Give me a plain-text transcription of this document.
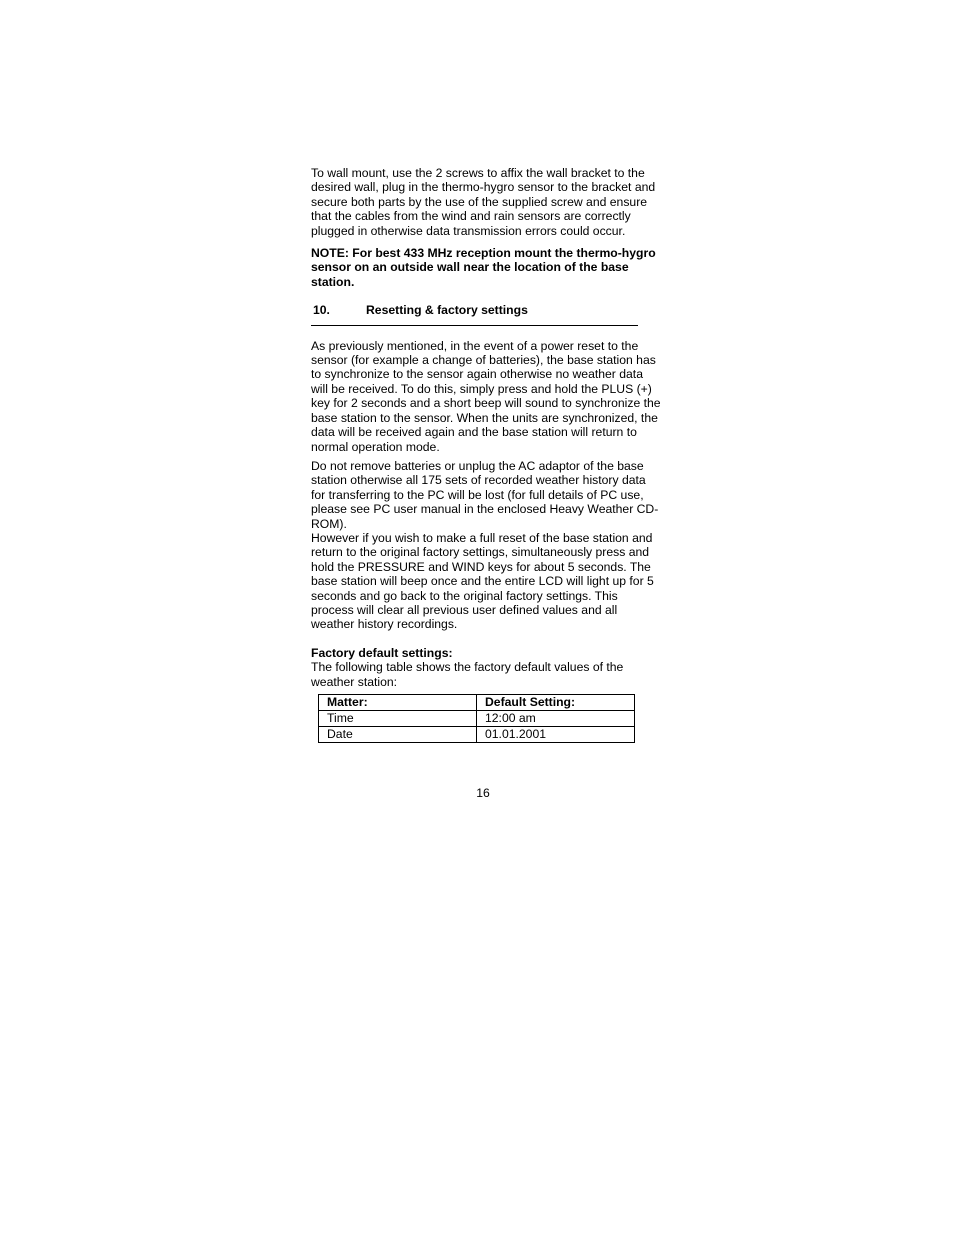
To wall mount, use the 2 screws to affix the wall bracket to the desired wall, plug in the thermo-hygro sensor to the bracket and secure both parts by the use of the supplied screw and ensure that the cables from the wind and rain sensors are correctly plugged in otherwise data transmission errors could occur.

NOTE: For best 433 MHz reception mount the thermo-hygro sensor on an outside wall near the location of the base station.

10.	Resetting & factory settings

As previously mentioned, in the event of a power reset to the sensor (for example a change of batteries), the base station has to synchronize to the sensor again otherwise no weather data will be received. To do this, simply press and hold the PLUS (+) key for 2 seconds and a short beep will sound to synchronize the base station to the sensor. When the units are synchronized, the data will be received again and the base station will return to normal operation mode.

Do not remove batteries or unplug the AC adaptor of the base station otherwise all 175 sets of recorded weather history data for transferring to the PC will be lost (for full details of PC use, please see PC user manual in the enclosed Heavy Weather CD-ROM).

However if you wish to make a full reset of the base station and return to the original factory settings, simultaneously press and hold the PRESSURE and WIND keys for about 5 seconds. The base station will beep once and the entire LCD will light up for 5 seconds and go back to the original factory settings. This process will clear all previous user defined values and all weather history recordings.

Factory default settings:

The following table shows the factory default values of the weather station:

Matter:	Default Setting:
Time	12:00 am
Date	01.01.2001
16
